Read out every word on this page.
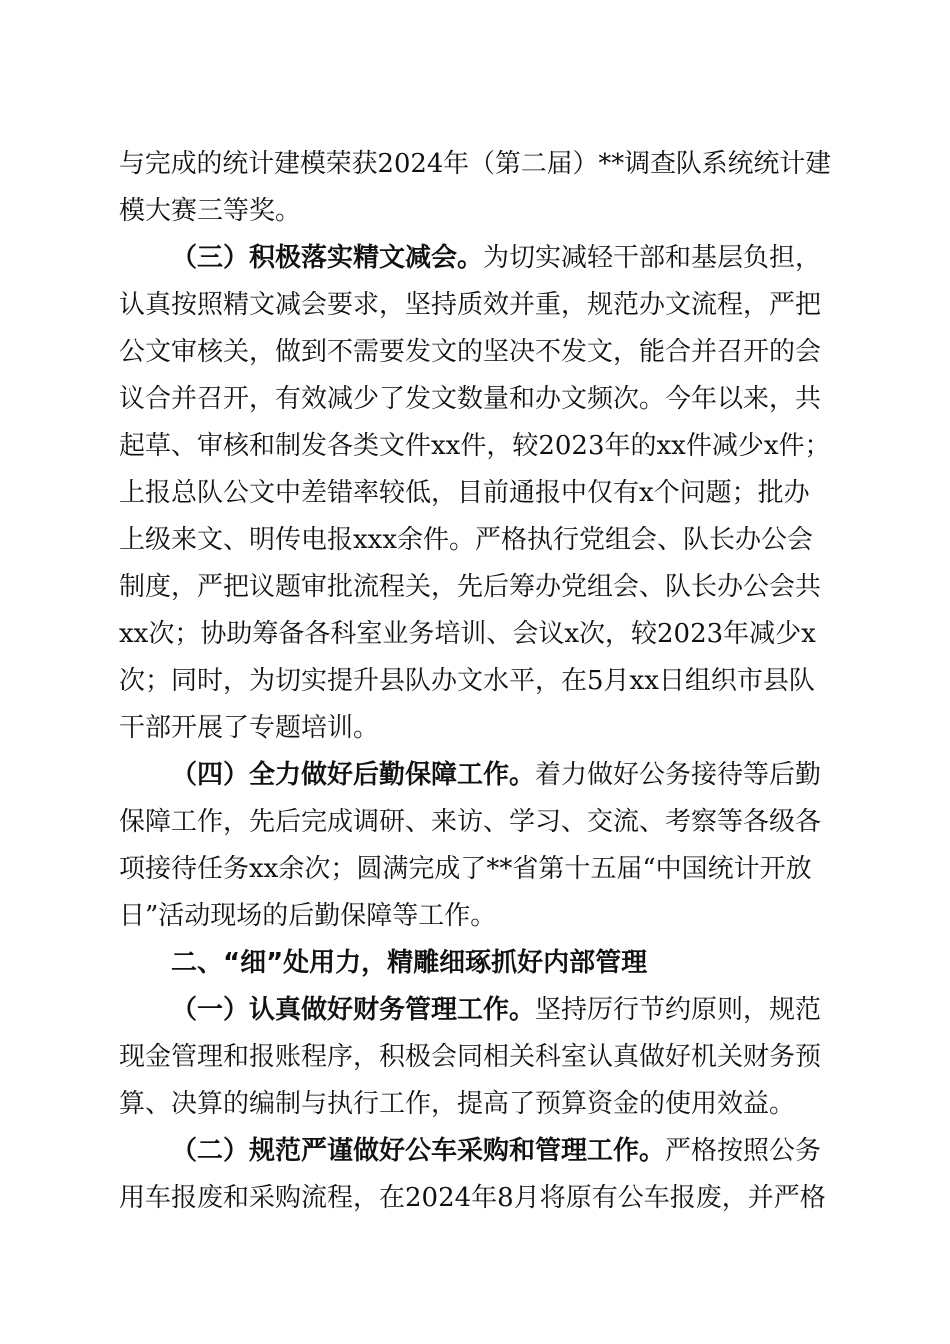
与完成的统计建模荣获2024年（第二届）**调查队系统统计建
模大赛三等奖。
（三）积极落实精文减会。为切实减轻干部和基层负担，
认真按照精文减会要求，坚持质效并重，规范办文流程，严把
公文审核关，做到不需要发文的坚决不发文，能合并召开的会
议合并召开，有效减少了发文数量和办文频次。今年以来，共
起草、审核和制发各类文件xx件，较2023年的xx件减少x件；
上报总队公文中差错率较低，目前通报中仅有x个问题；批办
上级来文、明传电报xxx余件。严格执行党组会、队长办公会
制度，严把议题审批流程关，先后筹办党组会、队长办公会共
xx次；协助筹备各科室业务培训、会议x次，较2023年减少x
次；同时，为切实提升县队办文水平，在5月xx日组织市县队
干部开展了专题培训。
（四）全力做好后勤保障工作。着力做好公务接待等后勤
保障工作，先后完成调研、来访、学习、交流、考察等各级各
项接待任务xx余次；圆满完成了**省第十五届“中国统计开放
日”活动现场的后勤保障等工作。
二、“细”处用力，精雕细琢抓好内部管理
（一）认真做好财务管理工作。坚持厉行节约原则，规范
现金管理和报账程序，积极会同相关科室认真做好机关财务预
算、决算的编制与执行工作，提高了预算资金的使用效益。
（二）规范严谨做好公车采购和管理工作。严格按照公务
用车报废和采购流程，在2024年8月将原有公车报废，并严格
